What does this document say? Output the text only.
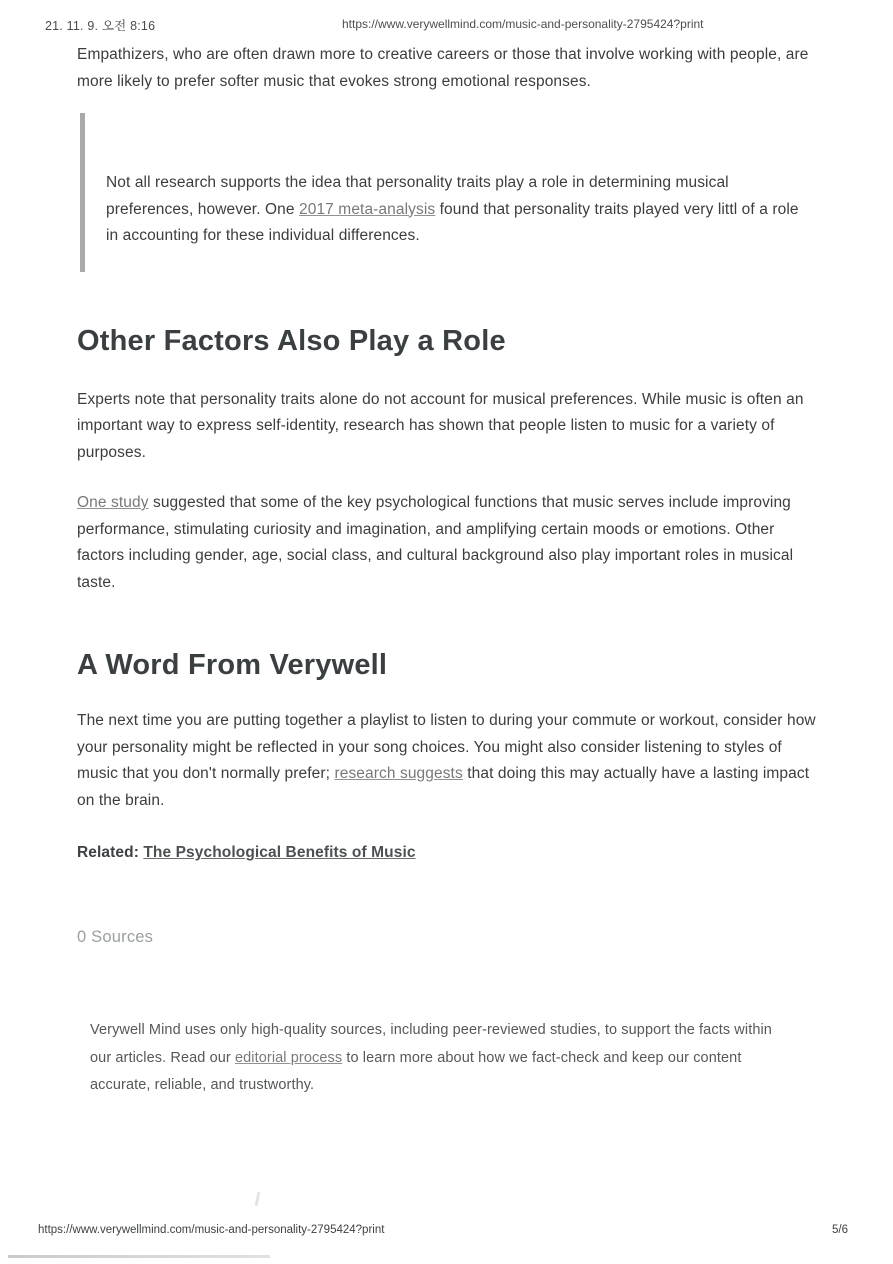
21. 11. 9. 오전 8:16	https://www.verywellmind.com/music-and-personality-2795424?print

Empathizers, who are often drawn more to creative careers or those that involve working with people, are more likely to prefer softer music that evokes strong emotional responses.

Not all research supports the idea that personality traits play a role in determining musical preferences, however. One 2017 meta-analysis found that personality traits played very littl of a role in accounting for these individual differences.

Other Factors Also Play a Role

Experts note that personality traits alone do not account for musical preferences. While music is often an important way to express self-identity, research has shown that people listen to music for a variety of purposes.

One study suggested that some of the key psychological functions that music serves include improving performance, stimulating curiosity and imagination, and amplifying certain moods or emotions. Other factors including gender, age, social class, and cultural background also play important roles in musical taste.

A Word From Verywell

The next time you are putting together a playlist to listen to during your commute or workout, consider how your personality might be reflected in your song choices. You might also consider listening to styles of music that you don't normally prefer; research suggests that doing this may actually have a lasting impact on the brain.

Related: The Psychological Benefits of Music

0 Sources

Verywell Mind uses only high-quality sources, including peer-reviewed studies, to support the facts within our articles. Read our editorial process to learn more about how we fact-check and keep our content accurate, reliable, and trustworthy.

https://www.verywellmind.com/music-and-personality-2795424?print	5/6
